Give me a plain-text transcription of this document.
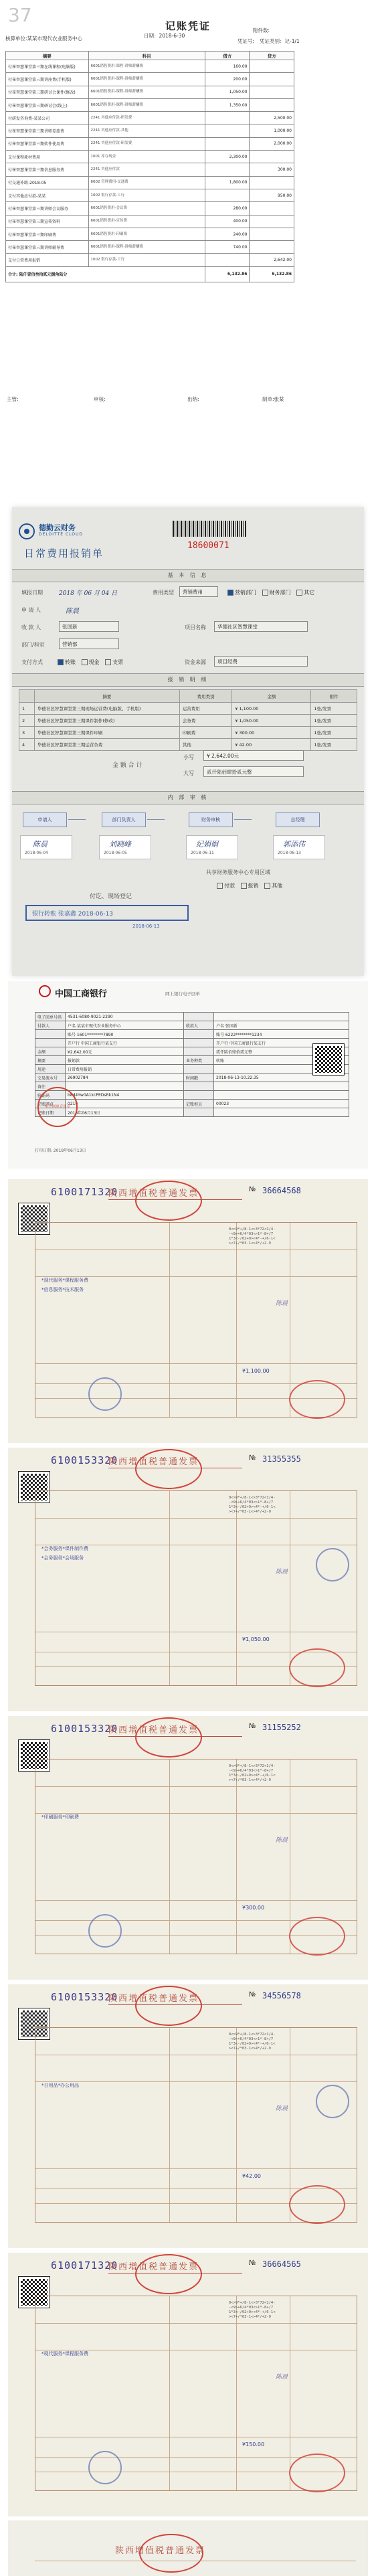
37	记账凭证
核算单位:某某市现代农业服务中心	日期：2018-6-30
附件数:
凭证号: 凭证类别：记-1/1
摘要	科目	借方	贷方
付崔智慧课堂第三期在线课程(电脑版)	6601销售费用-课程-讲师薪酬费	160.00	
付崔智慧课堂第三期讲座费(手机版)	6601销售费用-课程-讲师薪酬费	200.00	
付崔智慧课堂第三期研讨会课件(修改)	6601销售费用-课程-讲师薪酬费	1,050.00	
付崔智慧课堂第三期研讨会(线上)	6601销售费用-课程-讲师薪酬费	1,350.00	
付研发咨询费-某某公司	2241 其他应付款-研发费		2,500.00
付崔智慧课堂第三期讲师差旅费	2241 其他应付款-其他		1,000.00
付崔智慧课堂第三期软件使用费	2241 其他应付款-研发费		2,000.00
支付课程耗材费用	1001 库存现金	2,300.00	
付崔智慧课堂第三期信息服务费	2241 其他应付款		300.00
付交通补助-2018-05	6602 管理费用-交通费	1,800.00	
支付其他应付款-某某	1002 银行存款-工行		950.00
付崔智慧课堂第三期讲师会议服务	6601销售费用-会议费	280.00	
付崔智慧课堂第三期宣传资料	6601销售费用-宣传费	400.00	
付崔智慧课堂第三期印刷费	6601销售费用-印刷费	240.00	
付崔智慧课堂第三期讲师辅导费	6601销售费用-课程-讲师薪酬费	740.00	
支付日常费用报销	1002 银行存款-工行		2,642.00
合计: 陆仟壹佰叁拾贰元捌角陆分		6,132.86	6,132.86
主管:	审核:	出纳:	制单:张某
德勤云财务
DELOITTE CLOUD
日常费用报销单
18600071
基 本 信 息
填报日期	2018 年 06 月 04 日	费用类型	营销费用	营销部门 财务部门 其它
申 请 人	陈晨
收 款 人	张国新	项目名称	华德社区智慧课堂
部门/科室	营销部
支付方式	转账 现金 支票	资金来源	项目经费
报 销 明 细
	摘要	费用类别	金额	附件
1	华德社区智慧课堂第三期现场运营费(电脑版、手机版)	运营费用	¥ 1,100.00	1张/发票
2	华德社区智慧课堂第三期课件制作(修改)	会务费	¥ 1,050.00	1张/发票
3	华德社区智慧课堂第三期课件印刷	印刷费	¥ 300.00	1张/发票
4	华德社区智慧课堂第三期运营杂费	其他	¥ 42.00	1张/发票
金 额 合 计
小写	¥ 2,642.00元
大写	贰仟陆佰肆拾贰元整
内 部 审 核
申请人	部门负责人	财务审核	总经理
陈晨
2018-06-04
刘晓峰
2018-06-05
纪娟娟
2018-06-11
郭添伟
2018-06-13
共享财务服务中心专用区域
付款 报销 其他
付讫、现场登记
银行转账 张嘉鑫 2018-06-13
2018-06-13
中国工商银行	网上银行电子回单
电子回单号码	4531-6080-9021-2290		
付款人	户名 某某市现代农业服务中心	收款人	户名 张国新
	账号 1601********7890		账号 6222********1234
	开户行 中国工商银行某支行		开户行 中国工商银行某支行
金额	¥2,642.00元		贰仟陆佰肆拾贰元整
摘要	报销款	业务种类	转账
用途	日常费用报销		
交易流水号	26902784	时间戳	2018-06-13-10.22.35
备注			
验证码	b8d4Yw0A1kcPEDsRk1N4		
记账网点	0219	记账柜员	00023
记账日期	2018年06月13日		
电子回单专用章
打印日期: 2018年06月13日
6100171320
陕西增值税普通发票	№ 36664568
0<>9*+/8-1<>3*72<1/4-
-<9>+6/4*03<>1*-8+/7
1*3<-/02+9><4*-+/6-1<
><7+/*03-1<>4*/+2-9
*现代服务*课程服务费
*信息服务*技术服务
¥1,100.00
陈晨
6100153320
陕西增值税普通发票	№ 31355355
0<>9*+/8-1<>3*72<1/4-
-<9>+6/4*03<>1*-8+/7
1*3<-/02+9><4*-+/6-1<
><7+/*03-1<>4*/+2-9
*会务服务*课件制作费
*会务服务*会场服务
¥1,050.00
陈晨
6100153320
陕西增值税普通发票	№ 31155252
0<>9*+/8-1<>3*72<1/4-
-<9>+6/4*03<>1*-8+/7
1*3<-/02+9><4*-+/6-1<
><7+/*03-1<>4*/+2-9
*印刷服务*印刷费
¥300.00
陈晨
6100153320
陕西增值税普通发票	№ 34556578
0<>9*+/8-1<>3*72<1/4-
-<9>+6/4*03<>1*-8+/7
1*3<-/02+9><4*-+/6-1<
><7+/*03-1<>4*/+2-9
*日用品*办公用品
¥42.00
陈晨
6100171320
陕西增值税普通发票	№ 36664565
0<>9*+/8-1<>3*72<1/4-
-<9>+6/4*03<>1*-8+/7
1*3<-/02+9><4*-+/6-1<
><7+/*03-1<>4*/+2-9
*现代服务*课程服务费
¥150.00
陈晨
陕西增值税普通发票
